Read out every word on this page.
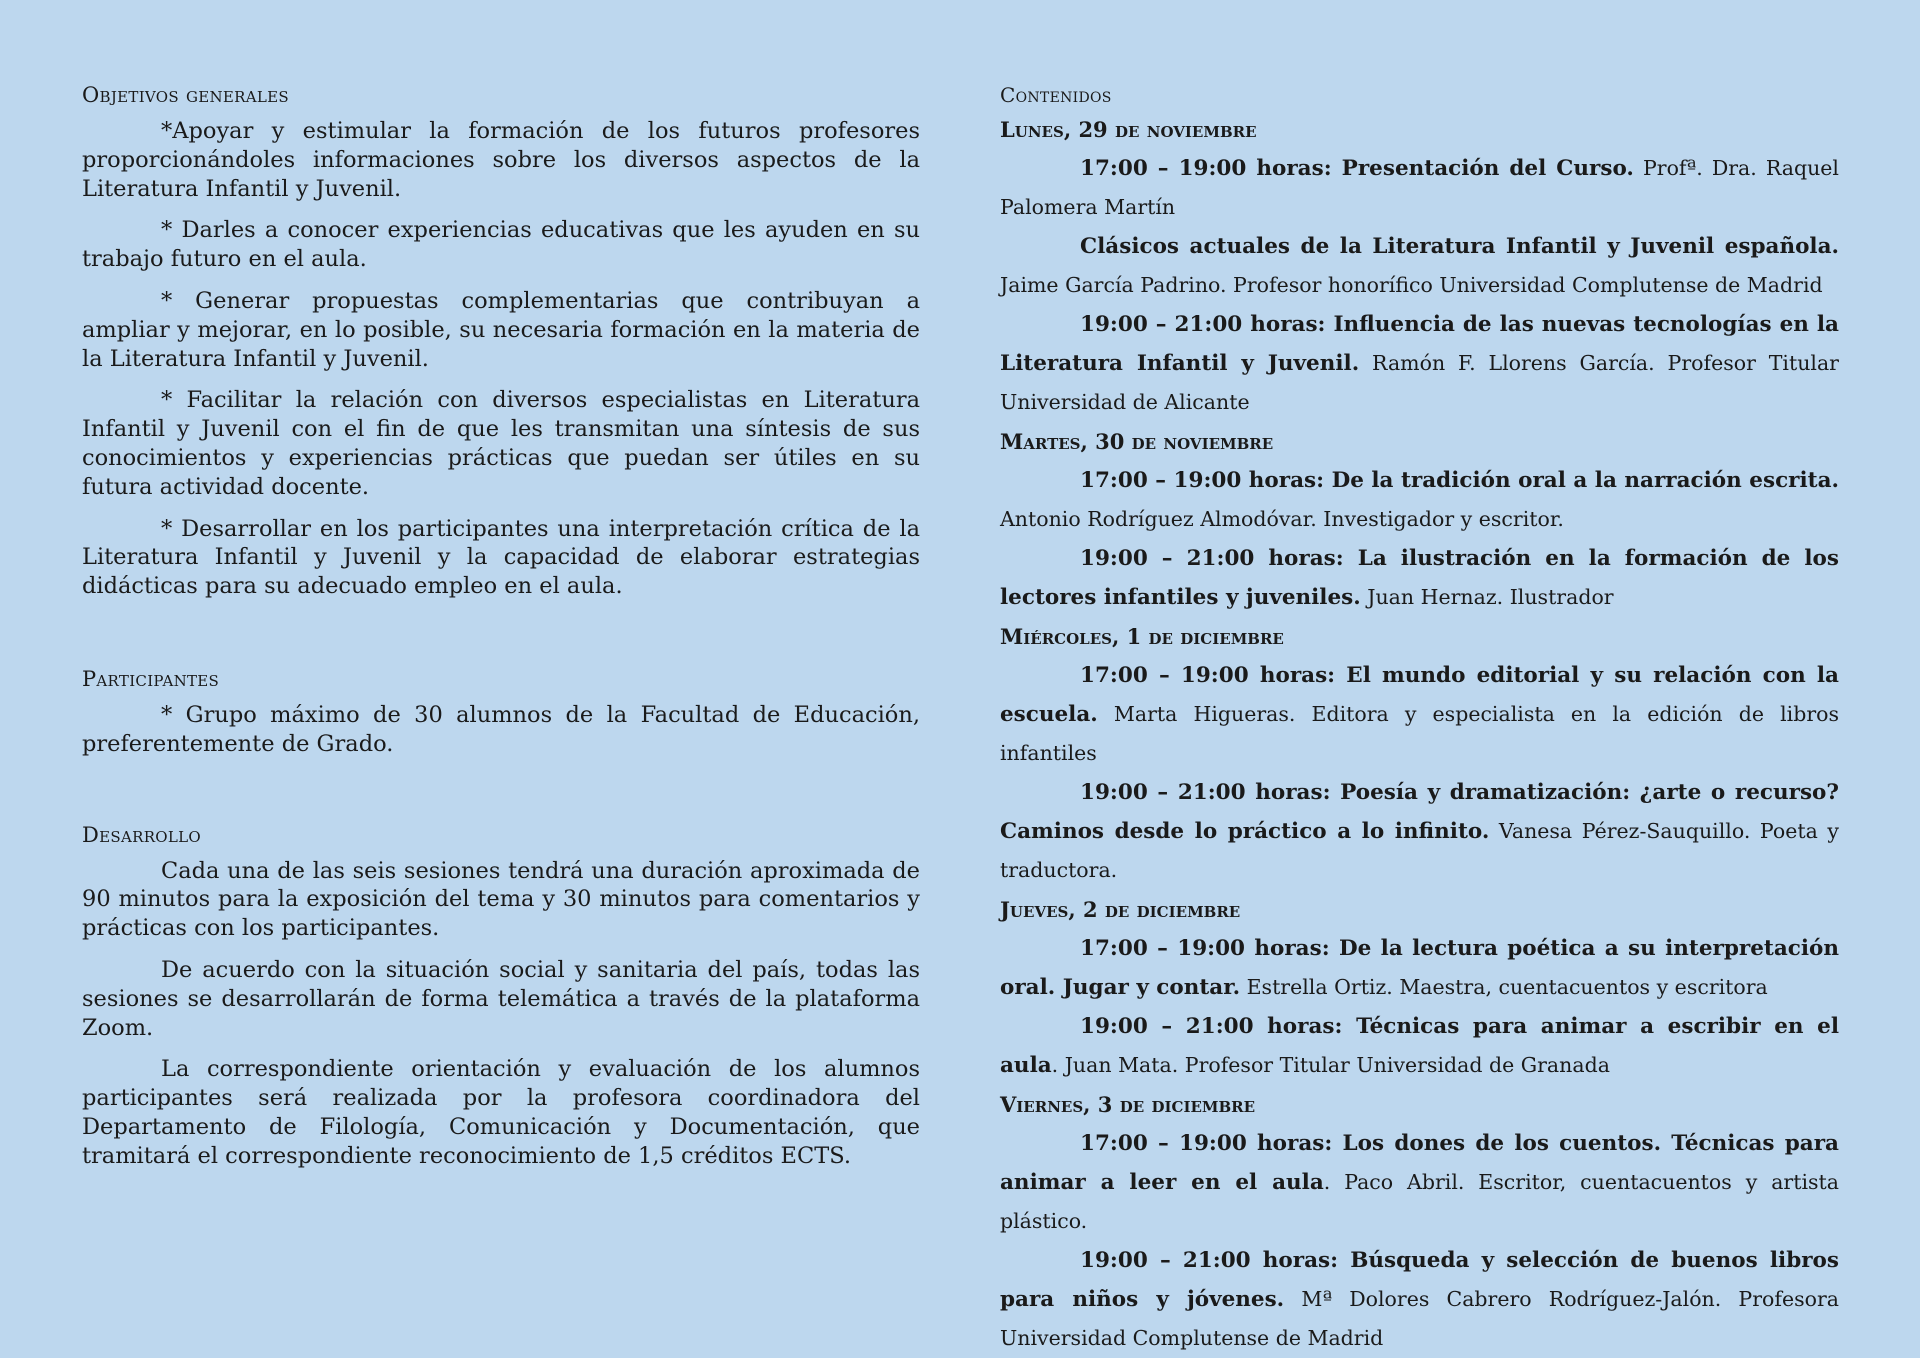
Objetivos generales

*Apoyar y estimular la formación de los futuros profesores proporcionándoles informaciones sobre los diversos aspectos de la Literatura Infantil y Juvenil.

* Darles a conocer experiencias educativas que les ayuden en su trabajo futuro en el aula.

* Generar propuestas complementarias que contribuyan a ampliar y mejorar, en lo posible, su necesaria formación en la materia de la Literatura Infantil y Juvenil.

* Facilitar la relación con diversos especialistas en Literatura Infantil y Juvenil con el fin de que les transmitan una síntesis de sus conocimientos y experiencias prácticas que puedan ser útiles en su futura actividad docente.

* Desarrollar en los participantes una interpretación crítica de la Literatura Infantil y Juvenil y la capacidad de elaborar estrategias didácticas para su adecuado empleo en el aula.

Participantes

* Grupo máximo de 30 alumnos de la Facultad de Educación, preferentemente de Grado.

Desarrollo

Cada una de las seis sesiones tendrá una duración aproximada de 90 minutos para la exposición del tema y 30 minutos para comentarios y prácticas con los participantes.

De acuerdo con la situación social y sanitaria del país, todas las sesiones se desarrollarán de forma telemática a través de la plataforma Zoom.

La correspondiente orientación y evaluación de los alumnos participantes será realizada por la profesora coordinadora del Departamento de Filología, Comunicación y Documentación, que tramitará el correspondiente reconocimiento de 1,5 créditos ECTS.

Contenidos
Lunes, 29 de noviembre

17:00 – 19:00 horas: Presentación del Curso. Profª. Dra. Raquel Palomera Martín

Clásicos actuales de la Literatura Infantil y Juvenil española. Jaime García Padrino. Profesor honorífico Universidad Complutense de Madrid

19:00 – 21:00 horas: Influencia de las nuevas tecnologías en la Literatura Infantil y Juvenil. Ramón F. Llorens García. Profesor Titular Universidad de Alicante

Martes, 30 de noviembre

17:00 – 19:00 horas: De la tradición oral a la narración escrita. Antonio Rodríguez Almodóvar. Investigador y escritor.

19:00 – 21:00 horas: La ilustración en la formación de los lectores infantiles y juveniles. Juan Hernaz. Ilustrador

Miércoles, 1 de diciembre

17:00 – 19:00 horas: El mundo editorial y su relación con la escuela. Marta Higueras. Editora y especialista en la edición de libros infantiles

19:00 – 21:00 horas: Poesía y dramatización: ¿arte o recurso? Caminos desde lo práctico a lo infinito. Vanesa Pérez-Sauquillo. Poeta y traductora.

Jueves, 2 de diciembre

17:00 – 19:00 horas: De la lectura poética a su interpretación oral. Jugar y contar. Estrella Ortiz. Maestra, cuentacuentos y escritora

19:00 – 21:00 horas: Técnicas para animar a escribir en el aula. Juan Mata. Profesor Titular Universidad de Granada

Viernes, 3 de diciembre

17:00 – 19:00 horas: Los dones de los cuentos. Técnicas para animar a leer en el aula. Paco Abril. Escritor, cuentacuentos y artista plástico.

19:00 – 21:00 horas: Búsqueda y selección de buenos libros para niños y jóvenes. Mª Dolores Cabrero Rodríguez-Jalón. Profesora Universidad Complutense de Madrid
